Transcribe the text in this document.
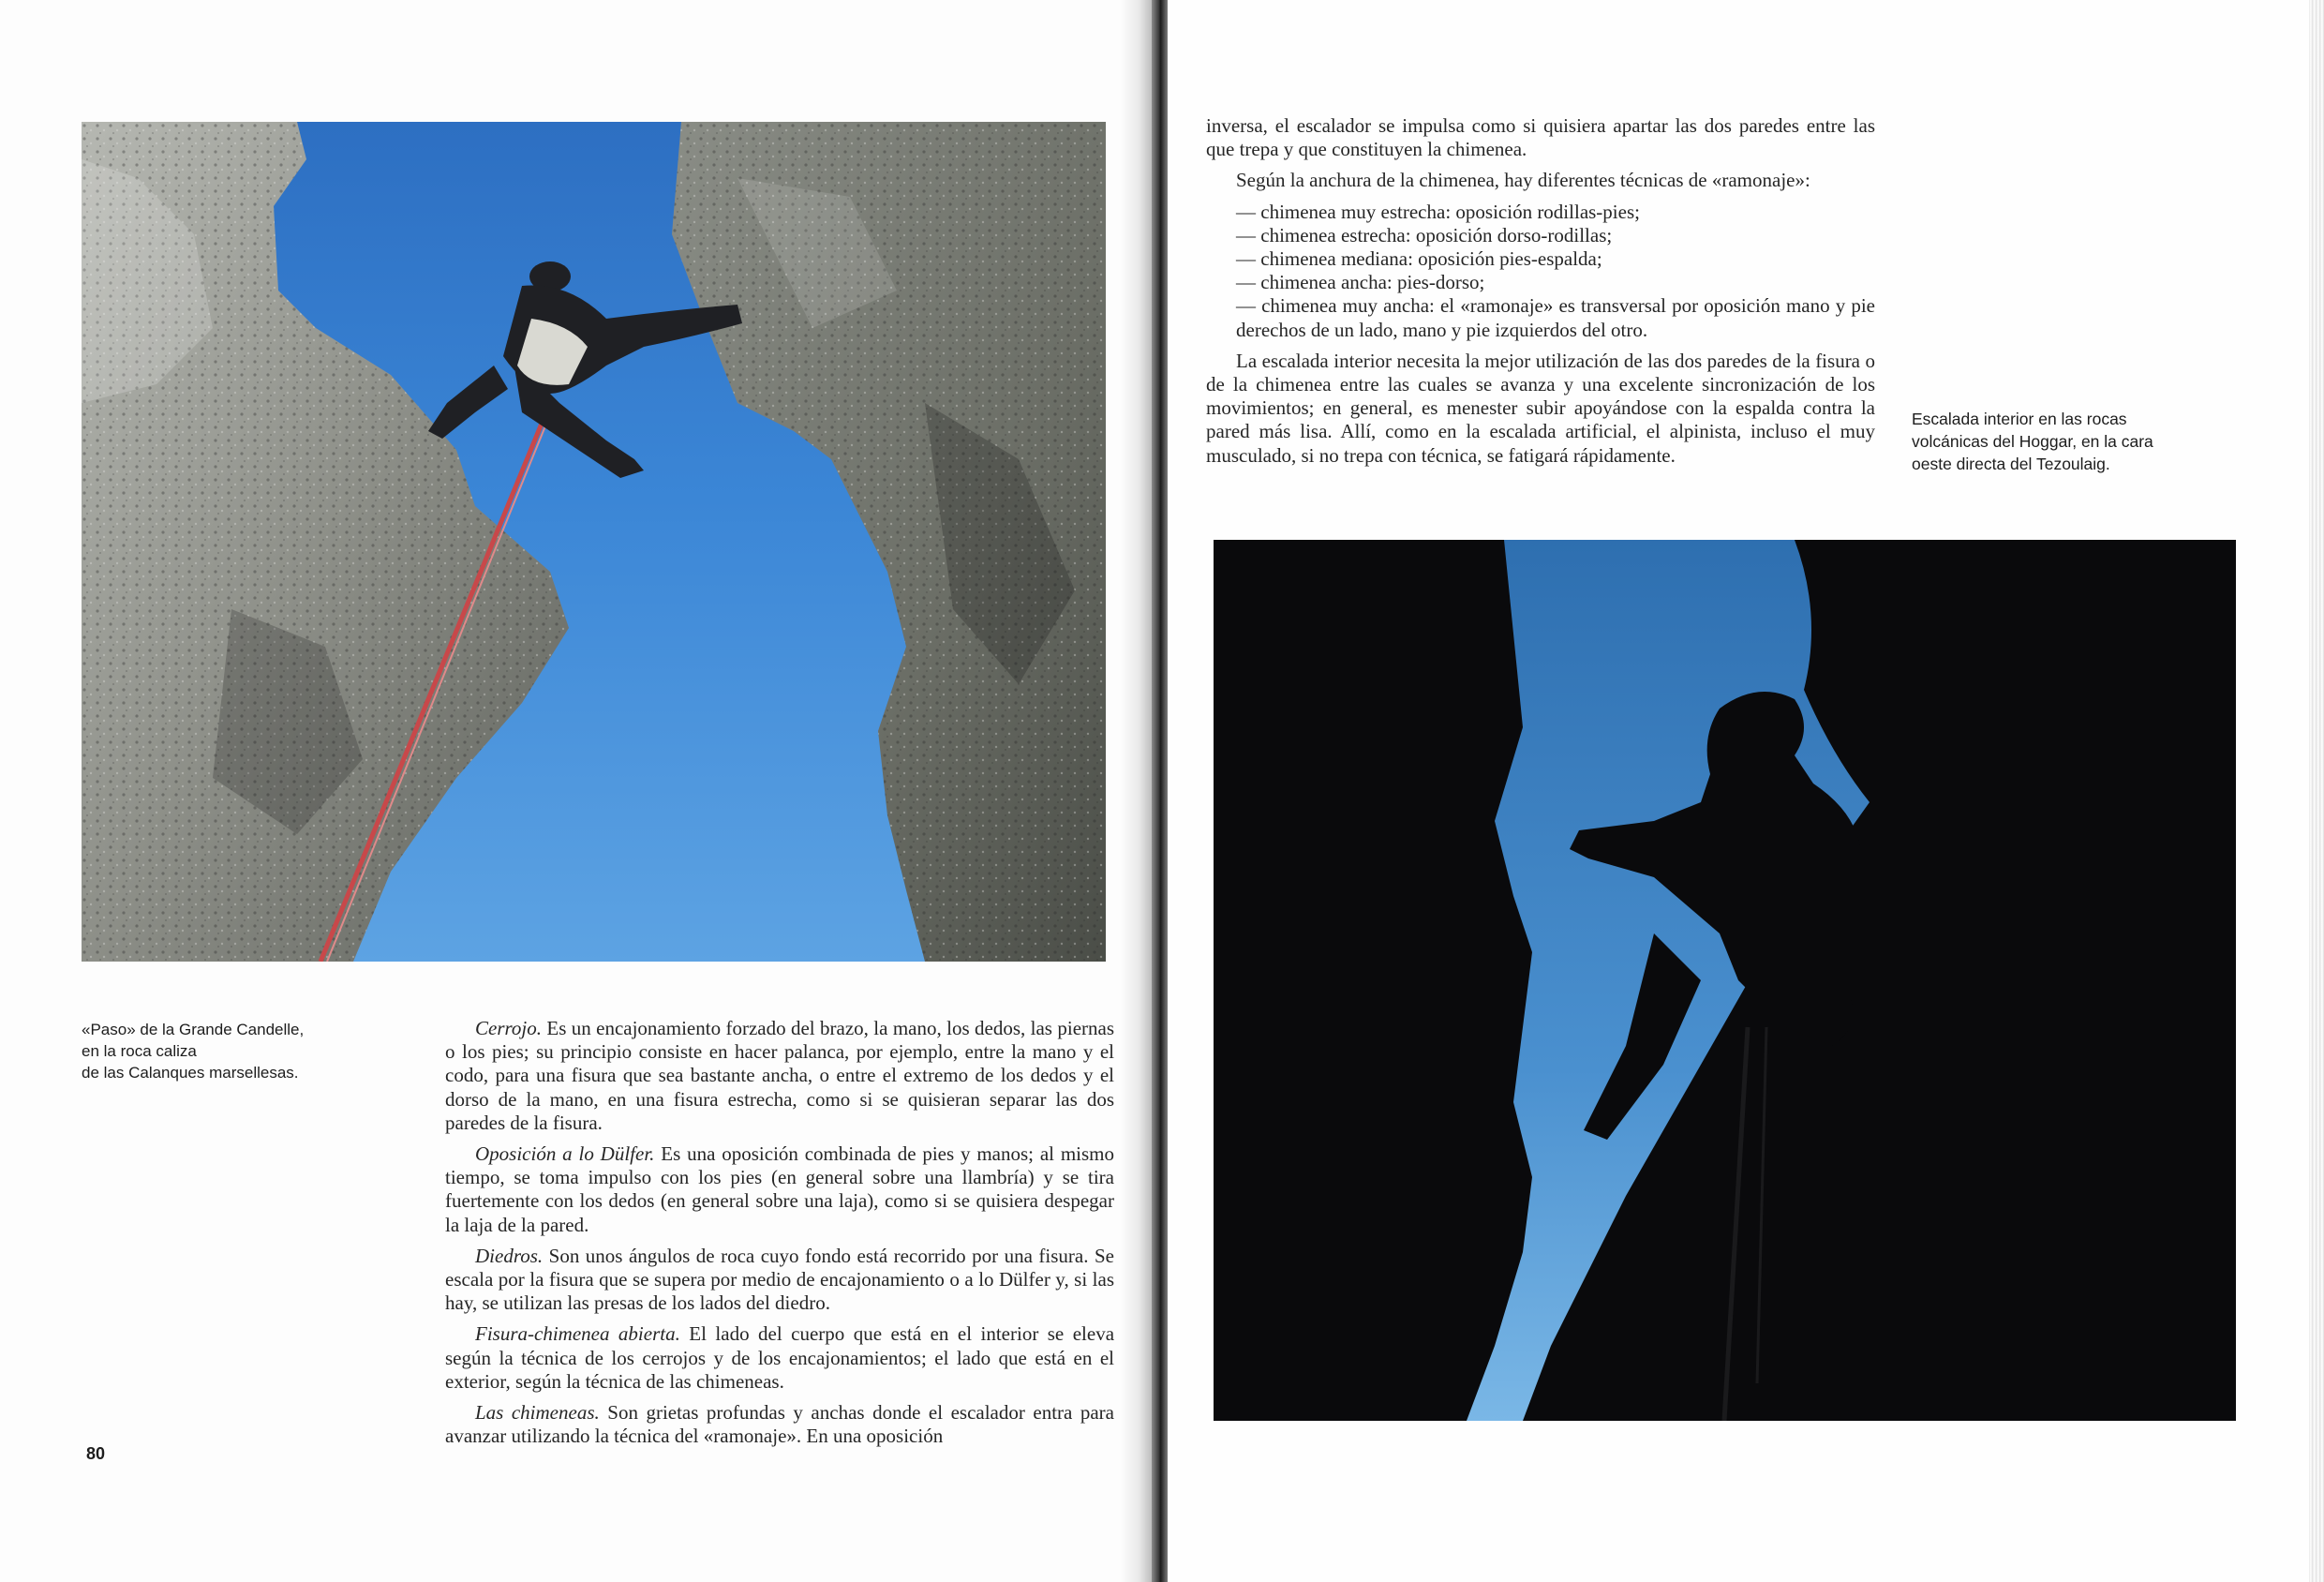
«Paso» de la Grande Candelle,
en la roca caliza
de las Calanques marsellesas.

Cerrojo. Es un encajonamiento forzado del brazo, la mano, los dedos, las piernas o los pies; su principio consiste en hacer palanca, por ejemplo, entre la mano y el codo, para una fisura que sea bastante ancha, o entre el extremo de los dedos y el dorso de la mano, en una fisura estrecha, como si se quisieran separar las dos paredes de la fisura.

Oposición a lo Dülfer. Es una oposición combinada de pies y manos; al mismo tiempo, se toma impulso con los pies (en general sobre una llambría) y se tira fuertemente con los dedos (en general sobre una laja), como si se quisiera despegar la laja de la pared.

Diedros. Son unos ángulos de roca cuyo fondo está recorrido por una fisura. Se escala por la fisura que se supera por medio de encajonamiento o a lo Dülfer y, si las hay, se utilizan las presas de los lados del diedro.

Fisura-chimenea abierta. El lado del cuerpo que está en el interior se eleva según la técnica de los cerrojos y de los encajonamientos; el lado que está en el exterior, según la técnica de las chimeneas.

Las chimeneas. Son grietas profundas y anchas donde el escalador entra para avanzar utilizando la técnica del «ramonaje». En una oposición

80

inversa, el escalador se impulsa como si quisiera apartar las dos paredes entre las que trepa y que constituyen la chimenea.

Según la anchura de la chimenea, hay diferentes técnicas de «ramonaje»:

— chimenea muy estrecha: oposición rodillas-pies;
— chimenea estrecha: oposición dorso-rodillas;
— chimenea mediana: oposición pies-espalda;
— chimenea ancha: pies-dorso;
— chimenea muy ancha: el «ramonaje» es transversal por oposición mano y pie derechos de un lado, mano y pie izquierdos del otro.

La escalada interior necesita la mejor utilización de las dos paredes de la fisura o de la chimenea entre las cuales se avanza y una excelente sincronización de los movimientos; en general, es menester subir apoyándose con la espalda contra la pared más lisa. Allí, como en la escalada artificial, el alpinista, incluso el muy musculado, si no trepa con técnica, se fatigará rápidamente.

Escalada interior en las rocas
volcánicas del Hoggar, en la cara
oeste directa del Tezoulaig.
